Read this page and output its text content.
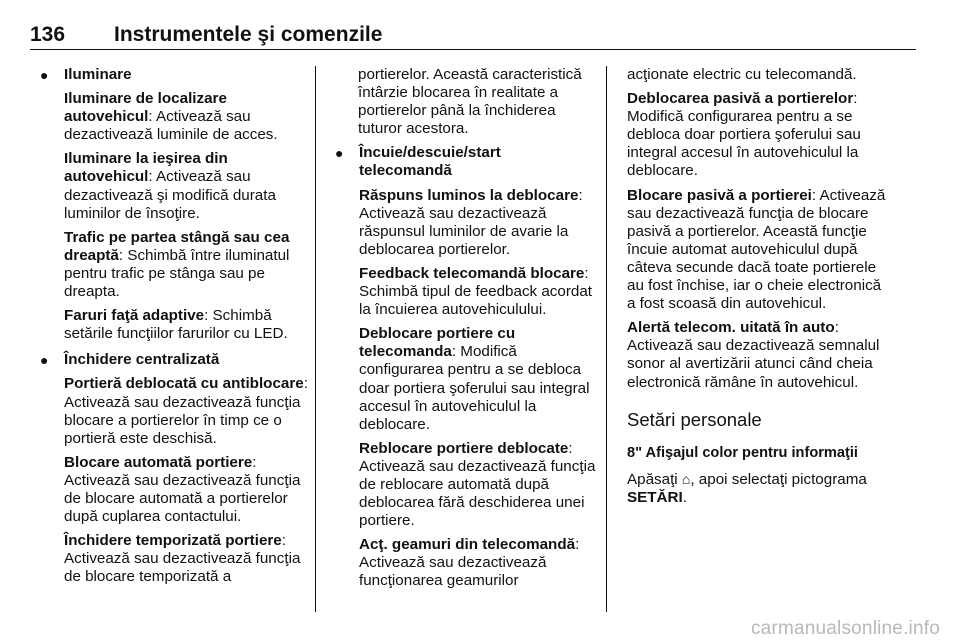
136 Instrumentele şi comenzile
● Iluminare

Iluminare de localizare autovehicul: Activează sau dezactivează luminile de acces.

Iluminare la ieşirea din autovehicul: Activează sau dezactivează şi modifică durata luminilor de însoţire.

Trafic pe partea stângă sau cea dreaptă: Schimbă între iluminatul pentru trafic pe stânga sau pe dreapta.

Faruri faţă adaptive: Schimbă setările funcţiilor farurilor cu LED.

● Închidere centralizată

Portieră deblocată cu antiblocare: Activează sau dezactivează funcţia blocare a portierelor în timp ce o portieră este deschisă.

Blocare automată portiere: Activează sau dezactivează funcţia de blocare automată a portierelor după cuplarea contactului.

Închidere temporizată portiere: Activează sau dezactivează funcţia de blocare temporizată a

portierelor. Această caracteristică întârzie blocarea în realitate a portierelor până la închiderea tuturor acestora.

● Încuie/descuie/start telecomandă

Răspuns luminos la deblocare: Activează sau dezactivează răspunsul luminilor de avarie la deblocarea portierelor.

Feedback telecomandă blocare: Schimbă tipul de feedback acordat la încuierea autovehiculului.

Deblocare portiere cu telecomanda: Modifică configurarea pentru a se debloca doar portiera şoferului sau integral accesul în autovehiculul la deblocare.

Reblocare portiere deblocate: Activează sau dezactivează funcţia de reblocare automată după deblocarea fără deschiderea unei portiere.

Acţ. geamuri din telecomandă: Activează sau dezactivează funcţionarea geamurilor

acţionate electric cu telecomandă.

Deblocarea pasivă a portierelor: Modifică configurarea pentru a se debloca doar portiera şoferului sau integral accesul în autovehiculul la deblocare.

Blocare pasivă a portierei: Activează sau dezactivează funcţia de blocare pasivă a portierelor. Această funcţie încuie automat autovehiculul după câteva secunde dacă toate portierele au fost închise, iar o cheie electronică a fost scoasă din autovehicul.

Alertă telecom. uitată în auto: Activează sau dezactivează semnalul sonor al avertizării atunci când cheia electronică rămâne în autovehicul.

Setări personale
8" Afişajul color pentru informaţii

Apăsaţi ⌂, apoi selectaţi pictograma SETĂRI.

carmanualsonline.info
